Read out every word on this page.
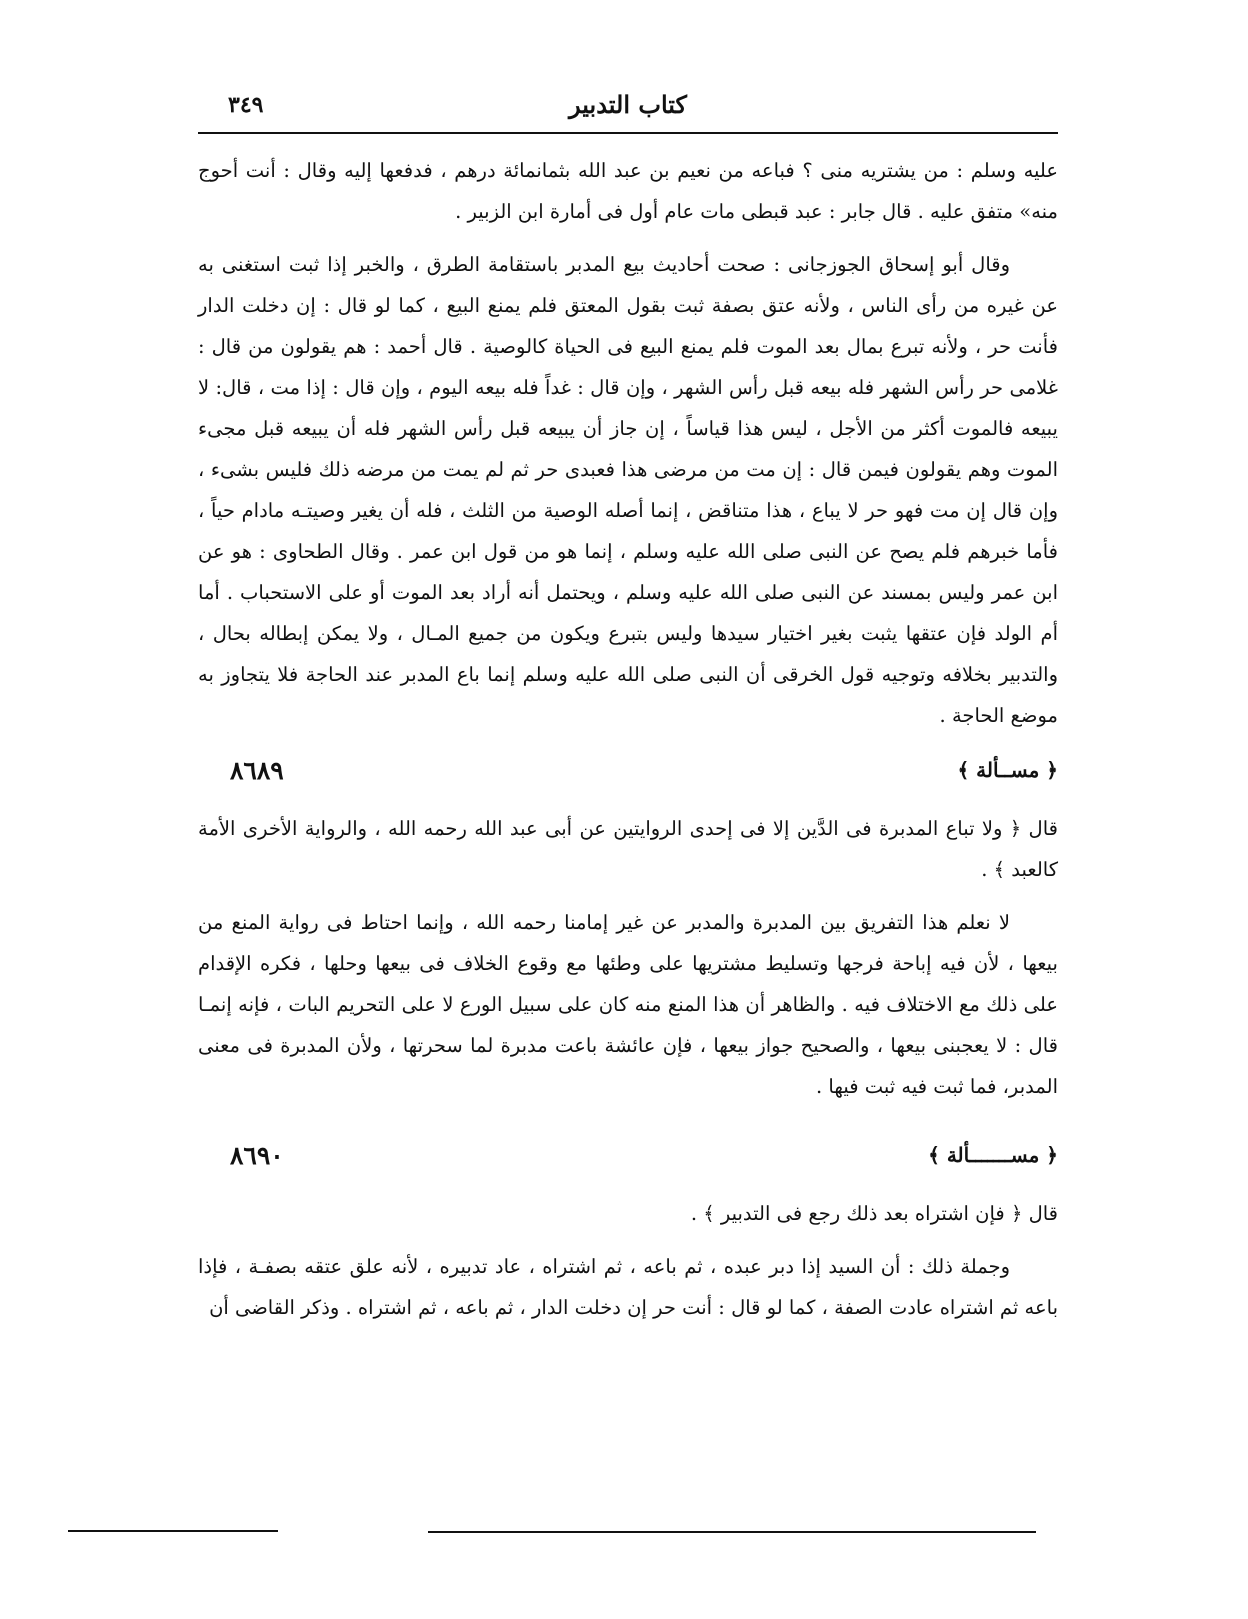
كتاب التدبير
٣٤٩

عليه وسلم : من يشتريه منى ؟ فباعه من نعيم بن عبد الله بثمانمائة درهم ، فدفعها إليه وقال : أنت أحوج منه» متفق عليه . قال جابر : عبد قبطى مات عام أول فى أمارة ابن الزبير .

وقال أبو إسحاق الجوزجانى : صحت أحاديث بيع المدبر باستقامة الطرق ، والخبر إذا ثبت استغنى به عن غيره من رأى الناس ، ولأنه عتق بصفة ثبت بقول المعتق فلم يمنع البيع ، كما لو قال : إن دخلت الدار فأنت حر ، ولأنه تبرع بمال بعد الموت فلم يمنع البيع فى الحياة كالوصية . قال أحمد : هم يقولون من قال : غلامى حر رأس الشهر فله بيعه قبل رأس الشهر ، وإن قال : غداً فله بيعه اليوم ، وإن قال : إذا مت ، قال: لا يبيعه فالموت أكثر من الأجل ، ليس هذا قياساً ، إن جاز أن يبيعه قبل رأس الشهر فله أن يبيعه قبل مجىء الموت وهم يقولون فيمن قال : إن مت من مرضى هذا فعبدى حر ثم لم يمت من مرضه ذلك فليس بشىء ، وإن قال إن مت فهو حر لا يباع ، هذا متناقض ، إنما أصله الوصية من الثلث ، فله أن يغير وصيتـه مادام حياً ، فأما خبرهم فلم يصح عن النبى صلى الله عليه وسلم ، إنما هو من قول ابن عمر . وقال الطحاوى : هو عن ابن عمر وليس بمسند عن النبى صلى الله عليه وسلم ، ويحتمل أنه أراد بعد الموت أو على الاستحباب . أما أم الولد فإن عتقها يثبت بغير اختيار سيدها وليس بتبرع ويكون من جميع المـال ، ولا يمكن إبطاله بحال ، والتدبير بخلافه وتوجيه قول الخرقى أن النبى صلى الله عليه وسلم إنما باع المدبر عند الحاجة فلا يتجاوز به موضع الحاجة .

﴿ مســألة ﴾
٨٦٨٩

قال ﴿ ولا تباع المدبرة فى الدَّين إلا فى إحدى الروايتين عن أبى عبد الله رحمه الله ، والرواية الأخرى الأمة كالعبد ﴾ .

لا نعلم هذا التفريق بين المدبرة والمدبر عن غير إمامنا رحمه الله ، وإنما احتاط فى رواية المنع من بيعها ، لأن فيه إباحة فرجها وتسليط مشتريها على وطئها مع وقوع الخلاف فى بيعها وحلها ، فكره الإقدام على ذلك مع الاختلاف فيه . والظاهر أن هذا المنع منه كان على سبيل الورع لا على التحريم البات ، فإنه إنمـا قال : لا يعجبنى بيعها ، والصحيح جواز بيعها ، فإن عائشة باعت مدبرة لما سحرتها ، ولأن المدبرة فى معنى المدبر، فما ثبت فيه ثبت فيها .

﴿ مســـــــألة ﴾
٨٦٩٠

قال ﴿ فإن اشتراه بعد ذلك رجع فى التدبير ﴾ .

وجملة ذلك : أن السيد إذا دبر عبده ، ثم باعه ، ثم اشتراه ، عاد تدبيره ، لأنه علق عتقه بصفـة ، فإذا باعه ثم اشتراه عادت الصفة ، كما لو قال : أنت حر إن دخلت الدار ، ثم باعه ، ثم اشتراه . وذكر القاضى أن
